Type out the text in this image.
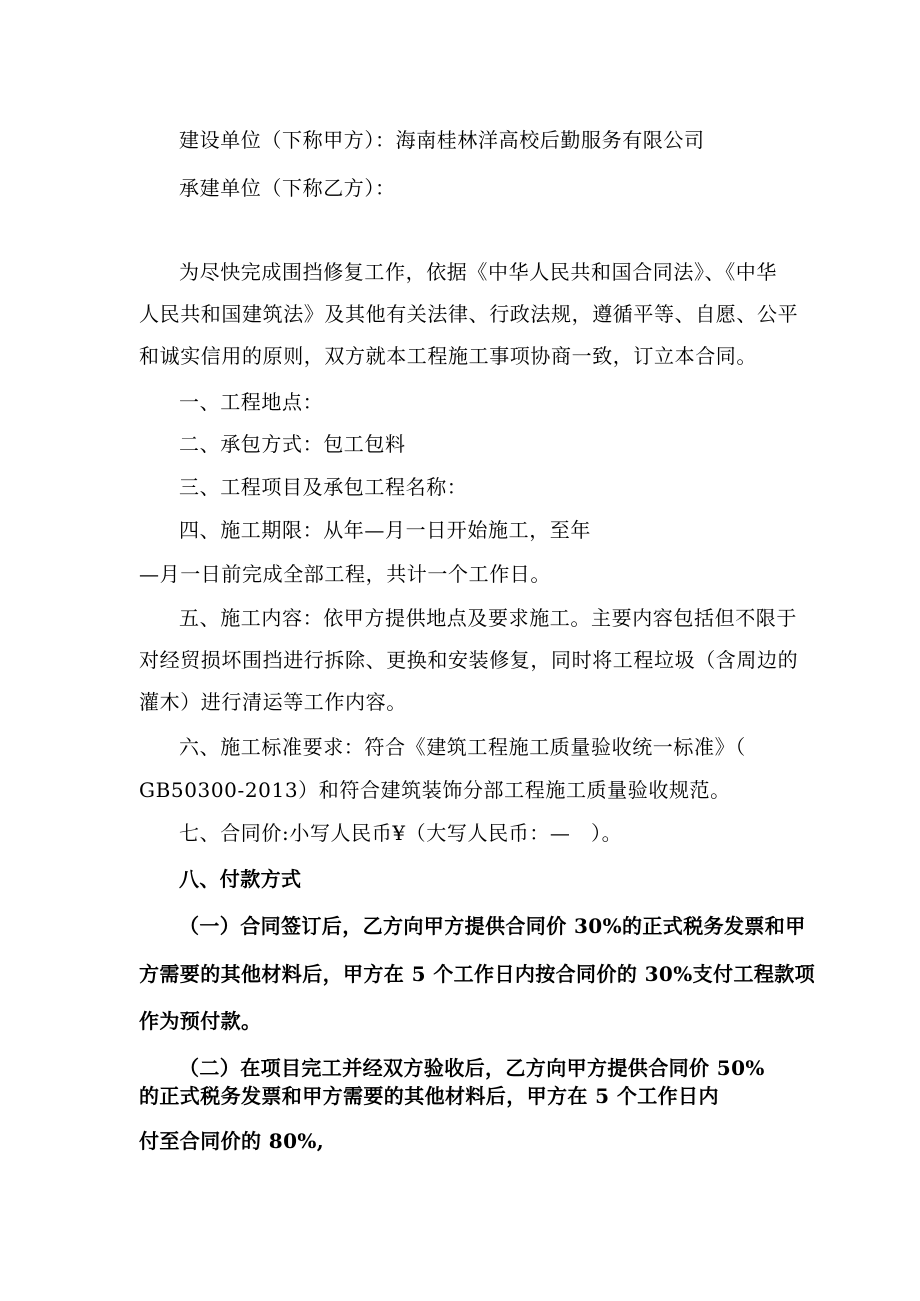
建设单位（下称甲方）：海南桂林洋高校后勤服务有限公司
承建单位（下称乙方）：
为尽快完成围挡修复工作，依据《中华人民共和国合同法》、《中华
人民共和国建筑法》及其他有关法律、行政法规，遵循平等、自愿、公平
和诚实信用的原则，双方就本工程施工事项协商一致，订立本合同。
一、工程地点：
二、承包方式：包工包料
三、工程项目及承包工程名称：
四、施工期限：从年—月一日开始施工，至年
—月一日前完成全部工程，共计一个工作日。
五、施工内容：依甲方提供地点及要求施工。主要内容包括但不限于
对经贸损坏围挡进行拆除、更换和安装修复，同时将工程垃圾（含周边的
灌木）进行清运等工作内容。
六、施工标准要求：符合《建筑工程施工质量验收统一标准》（
GB50300-2013）和符合建筑装饰分部工程施工质量验收规范。
七、合同价:小写人民币¥（大写人民币：—　）。
八、付款方式
（一）合同签订后，乙方向甲方提供合同价 30%的正式税务发票和甲
方需要的其他材料后，甲方在 5 个工作日内按合同价的 30%支付工程款项
作为预付款。
（二）在项目完工并经双方验收后，乙方向甲方提供合同价 50%
的正式税务发票和甲方需要的其他材料后，甲方在 5 个工作日内
付至合同价的 80%,
